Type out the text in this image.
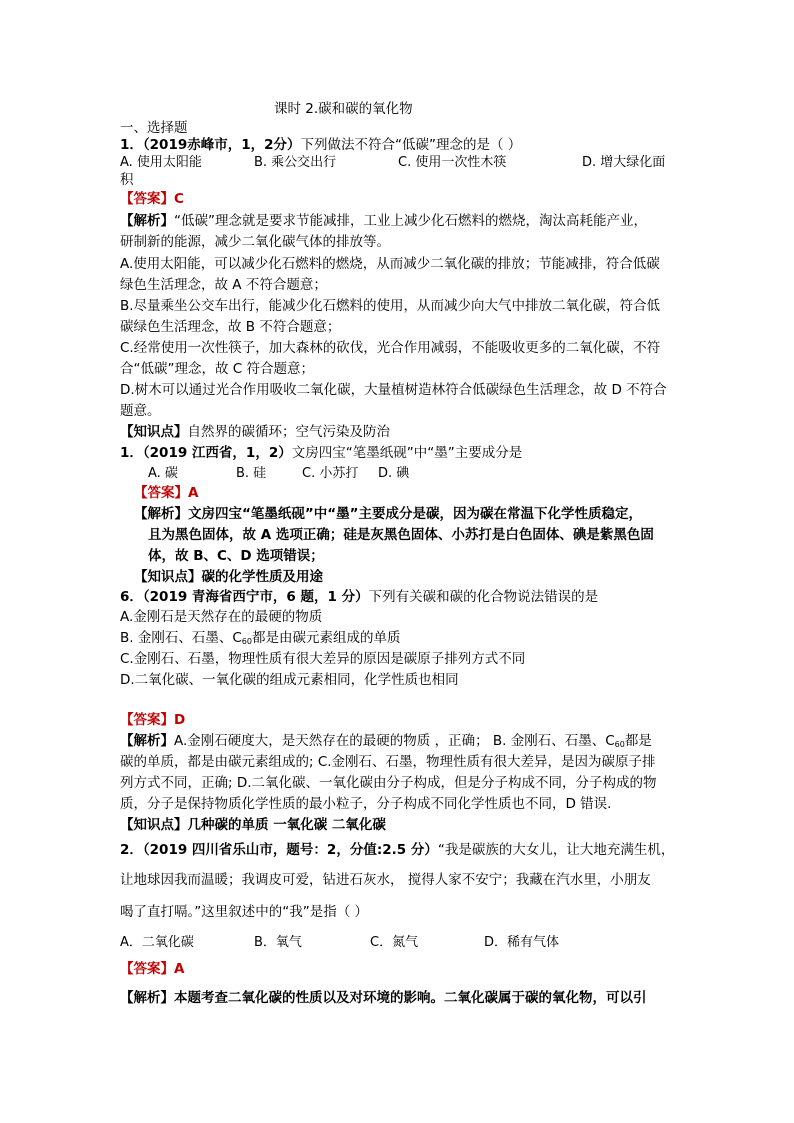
课时 2.碳和碳的氧化物
一、选择题
1．（2019赤峰市，1，2分）下列做法不符合“低碳”理念的是（ ）
A. 使用太阳能	B. 乘公交出行	C. 使用一次性木筷	D. 增大绿化面
积
【答案】C
【解析】“低碳”理念就是要求节能减排，工业上减少化石燃料的燃烧，淘汰高耗能产业，
研制新的能源，减少二氧化碳气体的排放等。
A.使用太阳能，可以减少化石燃料的燃烧，从而减少二氧化碳的排放；节能减排，符合低碳
绿色生活理念，故 A 不符合题意；
B.尽量乘坐公交车出行，能减少化石燃料的使用，从而减少向大气中排放二氧化碳，符合低
碳绿色生活理念，故 B 不符合题意；
C.经常使用一次性筷子，加大森林的砍伐，光合作用减弱，不能吸收更多的二氧化碳，不符
合“低碳”理念，故 C 符合题意；
D.树木可以通过光合作用吸收二氧化碳，大量植树造林符合低碳绿色生活理念，故 D 不符合
题意。
【知识点】自然界的碳循环；空气污染及防治
1．（2019 江西省，1，2）文房四宝“笔墨纸砚”中“墨”主要成分是
A. 碳	B. 硅	C. 小苏打 D. 碘
【答案】A
【解析】文房四宝“笔墨纸砚”中“墨”主要成分是碳，因为碳在常温下化学性质稳定，
且为黑色固体，故 A 选项正确；硅是灰黑色固体、小苏打是白色固体、碘是紫黑色固
体，故 B、C、D 选项错误；
【知识点】碳的化学性质及用途
6．（2019 青海省西宁市，6 题，1 分）下列有关碳和碳的化合物说法错误的是
A.金刚石是天然存在的最硬的物质
B. 金刚石、石墨、$C_{60}$都是由碳元素组成的单质
C.金刚石、石墨，物理性质有很大差异的原因是碳原子排列方式不同
D.二氧化碳、一氧化碳的组成元素相同，化学性质也相同
【答案】D
【解析】A.金刚石硬度大，是天然存在的最硬的物质 ，正确； B. 金刚石、石墨、$C_{60}$都是
碳的单质，都是由碳元素组成的; C.金刚石、石墨，物理性质有很大差异，是因为碳原子排
列方式不同，正确; D.二氧化碳、一氧化碳由分子构成，但是分子构成不同，分子构成的物
质，分子是保持物质化学性质的最小粒子，分子构成不同化学性质也不同，D 错误.
【知识点】几种碳的单质 一氧化碳 二氧化碳
2．（2019 四川省乐山市，题号：2，分值:2.5 分）“我是碳族的大女儿，让大地充满生机，
让地球因我而温暖；我调皮可爱，钻进石灰水， 搅得人家不安宁；我藏在汽水里，小朋友
喝了直打嗝。”这里叙述中的“我”是指（ ）
A．二氧化碳	B．氧气	C．氮气	D．稀有气体
【答案】A
【解析】本题考查二氧化碳的性质以及对环境的影响。二氧化碳属于碳的氧化物，可以引
